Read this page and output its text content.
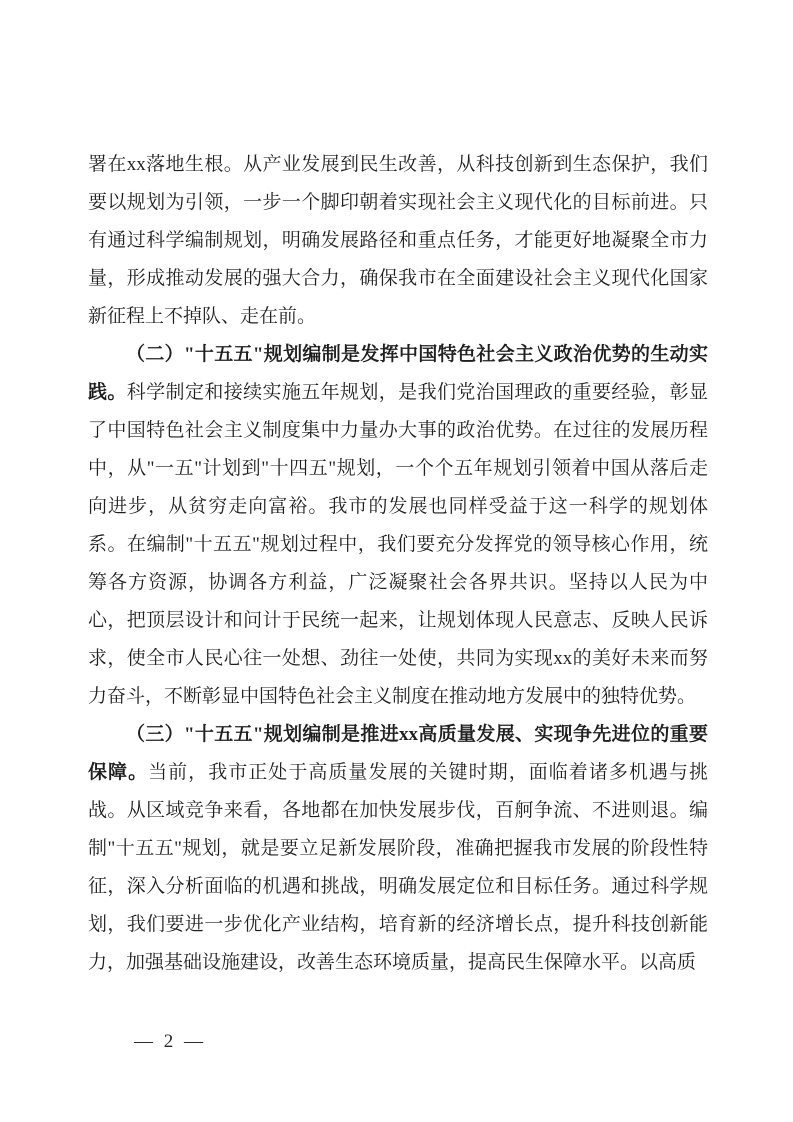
署在xx落地生根。从产业发展到民生改善，从科技创新到生态保护，我们要以规划为引领，一步一个脚印朝着实现社会主义现代化的目标前进。只有通过科学编制规划，明确发展路径和重点任务，才能更好地凝聚全市力量，形成推动发展的强大合力，确保我市在全面建设社会主义现代化国家新征程上不掉队、走在前。

（二）"十五五"规划编制是发挥中国特色社会主义政治优势的生动实践。科学制定和接续实施五年规划，是我们党治国理政的重要经验，彰显了中国特色社会主义制度集中力量办大事的政治优势。在过往的发展历程中，从"一五"计划到"十四五"规划，一个个五年规划引领着中国从落后走向进步，从贫穷走向富裕。我市的发展也同样受益于这一科学的规划体系。在编制"十五五"规划过程中，我们要充分发挥党的领导核心作用，统筹各方资源，协调各方利益，广泛凝聚社会各界共识。坚持以人民为中心，把顶层设计和问计于民统一起来，让规划体现人民意志、反映人民诉求，使全市人民心往一处想、劲往一处使，共同为实现xx的美好未来而努力奋斗，不断彰显中国特色社会主义制度在推动地方发展中的独特优势。

（三）"十五五"规划编制是推进xx高质量发展、实现争先进位的重要保障。当前，我市正处于高质量发展的关键时期，面临着诸多机遇与挑战。从区域竞争来看，各地都在加快发展步伐，百舸争流、不进则退。编制"十五五"规划，就是要立足新发展阶段，准确把握我市发展的阶段性特征，深入分析面临的机遇和挑战，明确发展定位和目标任务。通过科学规划，我们要进一步优化产业结构，培育新的经济增长点，提升科技创新能力，加强基础设施建设，改善生态环境质量，提高民生保障水平。以高质

— 2 —
